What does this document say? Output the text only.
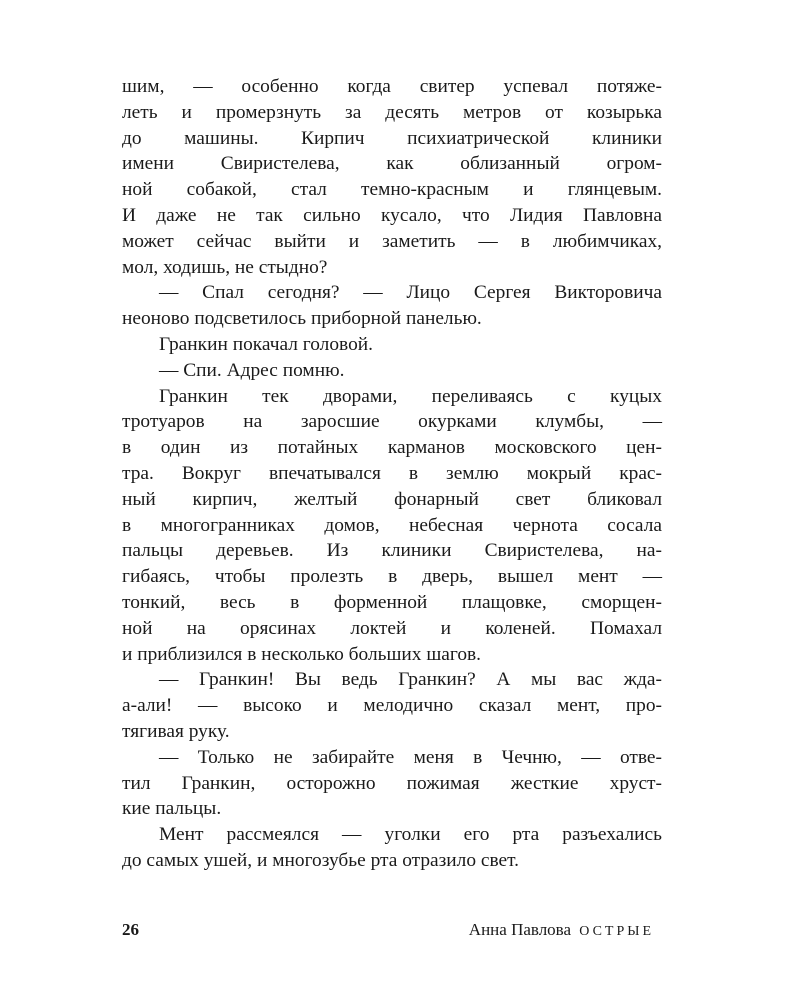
шим, — особенно когда свитер успевал потяже-
леть и промерзнуть за десять метров от козырька
до машины. Кирпич психиатрической клиники
имени Свиристелева, как облизанный огром-
ной собакой, стал темно-красным и глянцевым.
И даже не так сильно кусало, что Лидия Павловна
может сейчас выйти и заметить — в любимчиках,
мол, ходишь, не стыдно?
— Спал сегодня? — Лицо Сергея Викторовича
неоново подсветилось приборной панелью.
Гранкин покачал головой.
— Спи. Адрес помню.
Гранкин тек дворами, переливаясь с куцых
тротуаров на заросшие окурками клумбы, —
в один из потайных карманов московского цен-
тра. Вокруг впечатывался в землю мокрый крас-
ный кирпич, желтый фонарный свет бликовал
в многогранниках домов, небесная чернота сосала
пальцы деревьев. Из клиники Свиристелева, на-
гибаясь, чтобы пролезть в дверь, вышел мент —
тонкий, весь в форменной плащовке, сморщен-
ной на орясинах локтей и коленей. Помахал
и приблизился в несколько больших шагов.
— Гранкин! Вы ведь Гранкин? А мы вас жда-
а-али! — высоко и мелодично сказал мент, про-
тягивая руку.
— Только не забирайте меня в Чечню, — отве-
тил Гранкин, осторожно пожимая жесткие хруст-
кие пальцы.
Мент рассмеялся — уголки его рта разъехались
до самых ушей, и многозубье рта отразило свет.
26	Анна Павлова ОСТРЫЕ
